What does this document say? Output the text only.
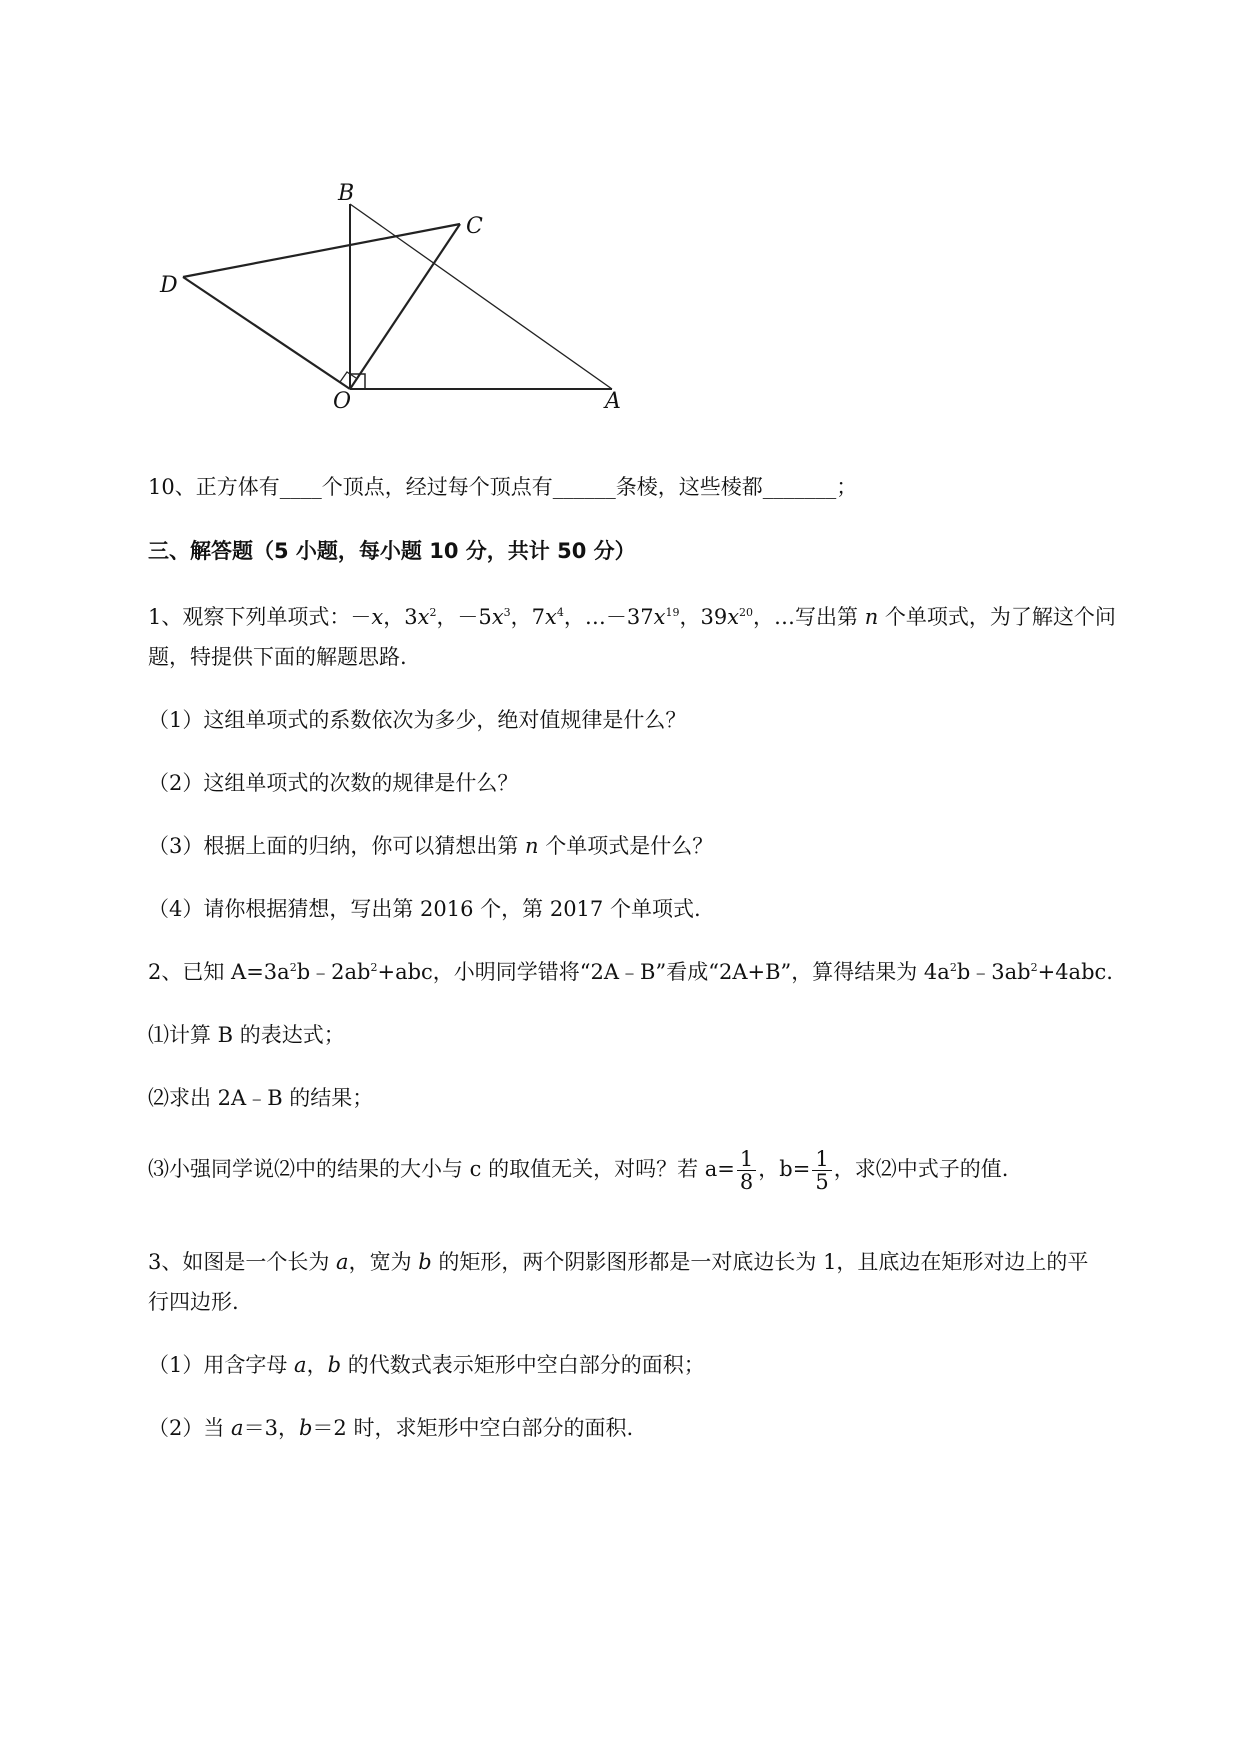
B
C
D
O	A
10、正方体有____个顶点，经过每个顶点有______条棱，这些棱都_______；
三、解答题（5 小题，每小题 10 分，共计 50 分）
1、观察下列单项式：－x，$3x^2$，$-5x^3$，$7x^4$，$\dots-37x^{19}$，$39x^{20}$，…写出第 n 个单项式，为了解这个问
题，特提供下面的解题思路.
（1）这组单项式的系数依次为多少，绝对值规律是什么？
（2）这组单项式的次数的规律是什么？
（3）根据上面的归纳，你可以猜想出第 n 个单项式是什么？
（4）请你根据猜想，写出第 2016 个，第 2017 个单项式.
2、已知 $A=3a^2b﹣2ab^2+abc$，小明同学错将“2A﹣B”看成“2A+B”，算得结果为 $4a^2b﹣3ab^2+4abc$.
⑴计算 B 的表达式；
⑵求出 2A﹣B 的结果；
⑶小强同学说⑵中的结果的大小与 c 的取值无关，对吗？若 $a= \frac{1}{8}$ ，$b= \frac{1}{5}$ ，求⑵中式子的值.
3、如图是一个长为 a，宽为 b 的矩形，两个阴影图形都是一对底边长为 1，且底边在矩形对边上的平
行四边形.
（1）用含字母 a，b 的代数式表示矩形中空白部分的面积；
（2）当 a＝3，b＝2 时，求矩形中空白部分的面积.
